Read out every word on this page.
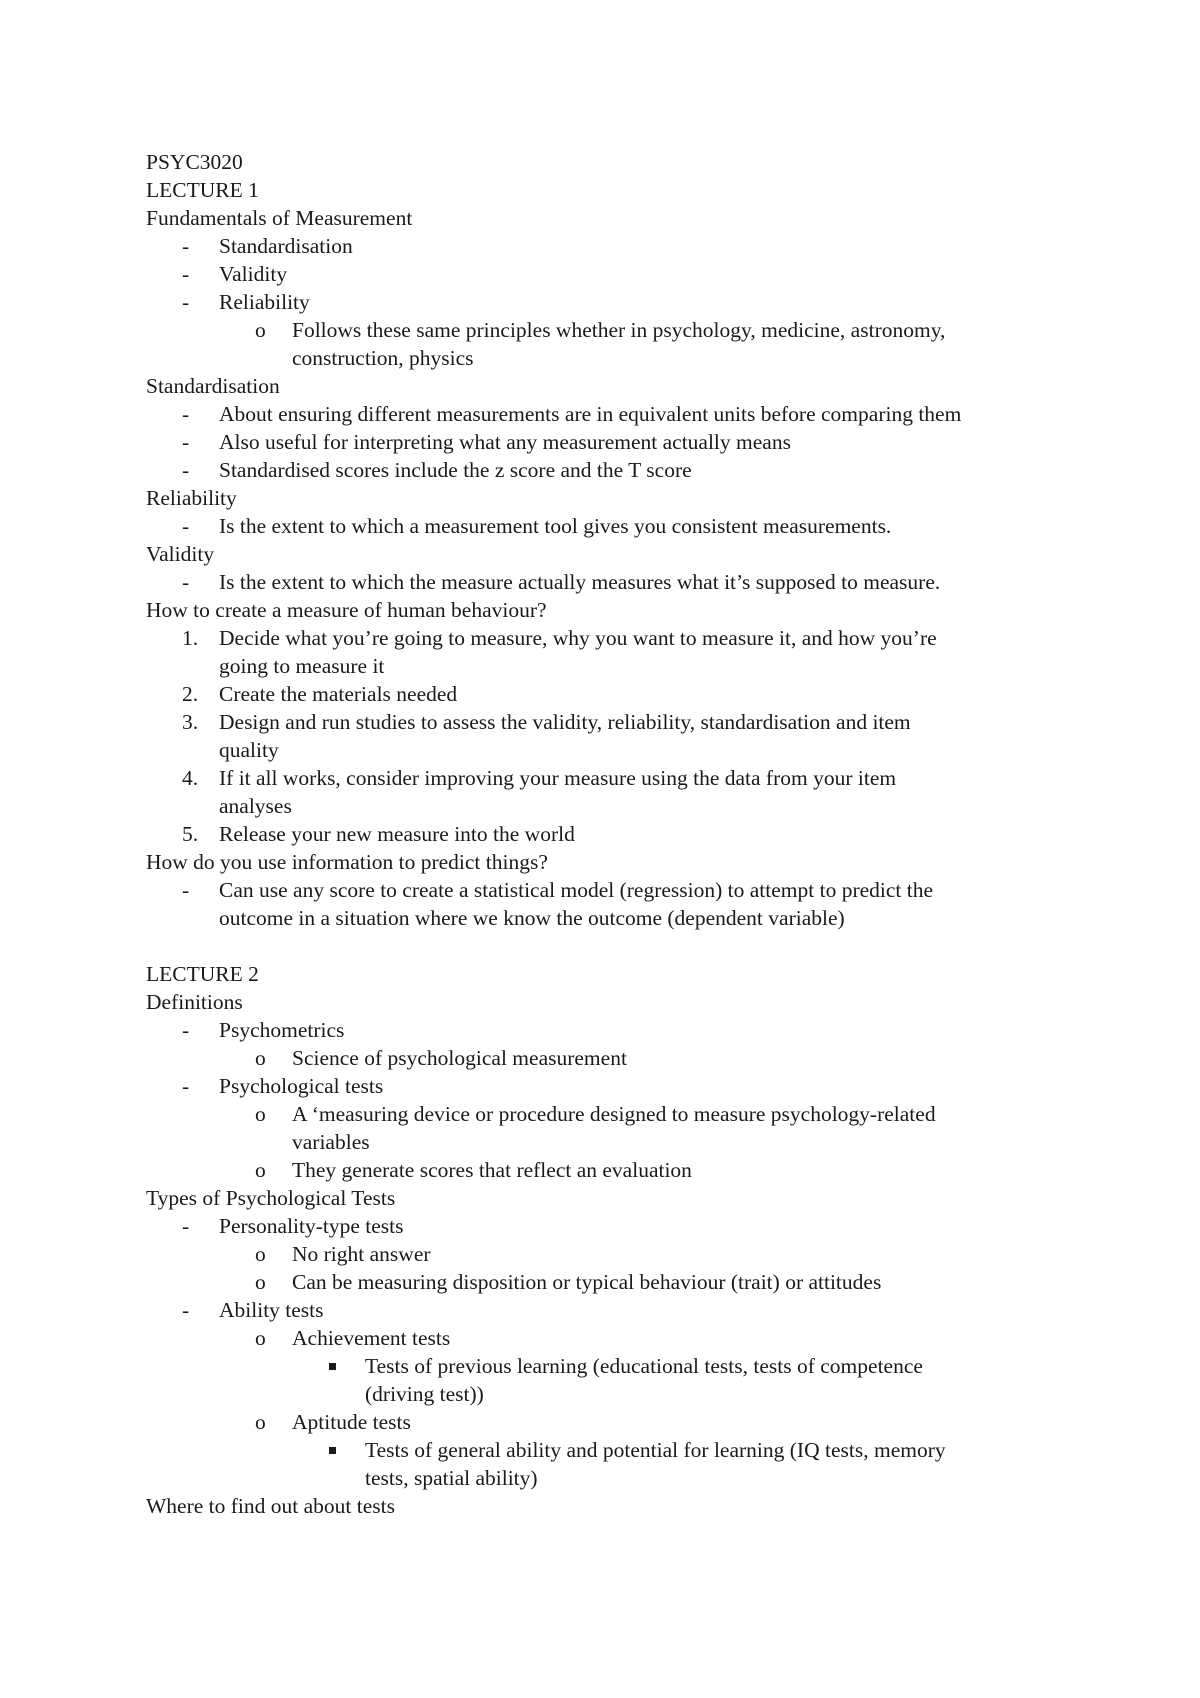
PSYC3020
LECTURE 1
Fundamentals of Measurement
- Standardisation
- Validity
- Reliability
o Follows these same principles whether in psychology, medicine, astronomy,
construction, physics
Standardisation
- About ensuring different measurements are in equivalent units before comparing them
- Also useful for interpreting what any measurement actually means
- Standardised scores include the z score and the T score
Reliability
- Is the extent to which a measurement tool gives you consistent measurements.
Validity
- Is the extent to which the measure actually measures what it’s supposed to measure.
How to create a measure of human behaviour?
1. Decide what you’re going to measure, why you want to measure it, and how you’re
going to measure it
2. Create the materials needed
3. Design and run studies to assess the validity, reliability, standardisation and item
quality
4. If it all works, consider improving your measure using the data from your item
analyses
5. Release your new measure into the world
How do you use information to predict things?
- Can use any score to create a statistical model (regression) to attempt to predict the
outcome in a situation where we know the outcome (dependent variable)
LECTURE 2
Definitions
- Psychometrics
o Science of psychological measurement
- Psychological tests
o A ‘measuring device or procedure designed to measure psychology-related
variables
o They generate scores that reflect an evaluation
Types of Psychological Tests
- Personality-type tests
o No right answer
o Can be measuring disposition or typical behaviour (trait) or attitudes
- Ability tests
o Achievement tests
Tests of previous learning (educational tests, tests of competence
(driving test))
o Aptitude tests
Tests of general ability and potential for learning (IQ tests, memory
tests, spatial ability)
Where to find out about tests
